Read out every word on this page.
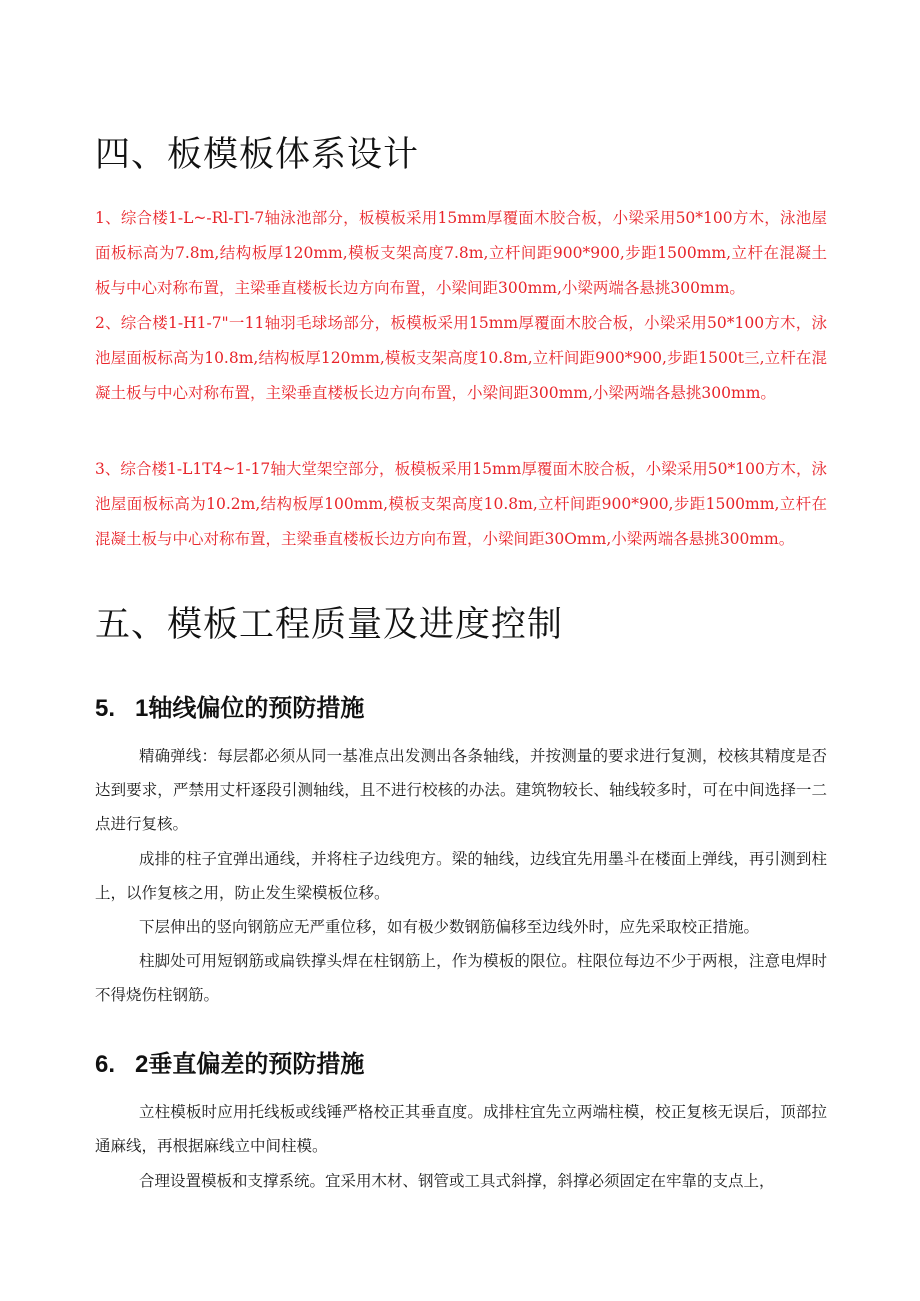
四、板模板体系设计

1、综合楼1-L~-Rl-Γl-7轴泳池部分，板模板采用15mm厚覆面木胶合板，小梁采用50*100方木，泳池屋面板标高为7.8m,结构板厚120mm,模板支架高度7.8m,立杆间距900*900,步距1500mm,立杆在混凝土板与中心对称布置，主梁垂直楼板长边方向布置，小梁间距300mm,小梁两端各悬挑300mm。

2、综合楼1-H1-7"一11轴羽毛球场部分，板模板采用15mm厚覆面木胶合板，小梁采用50*100方木，泳池屋面板标高为10.8m,结构板厚120mm,模板支架高度10.8m,立杆间距900*900,步距1500t三,立杆在混凝土板与中心对称布置，主梁垂直楼板长边方向布置，小梁间距300mm,小梁两端各悬挑300mm。

3、综合楼1-L1T4~1-17轴大堂架空部分，板模板采用15mm厚覆面木胶合板，小梁采用50*100方木，泳池屋面板标高为10.2m,结构板厚100mm,模板支架高度10.8m,立杆间距900*900,步距1500mm,立杆在混凝土板与中心对称布置，主梁垂直楼板长边方向布置，小梁间距30Omm,小梁两端各悬挑300mm。

五、模板工程质量及进度控制
5. 1轴线偏位的预防措施

精确弹线：每层都必须从同一基准点出发测出各条轴线，并按测量的要求进行复测，校核其精度是否达到要求，严禁用丈杆逐段引测轴线，且不进行校核的办法。建筑物较长、轴线较多时，可在中间选择一二点进行复核。

成排的柱子宜弹出通线，并将柱子边线兜方。梁的轴线，边线宜先用墨斗在楼面上弹线，再引测到柱上，以作复核之用，防止发生梁模板位移。

下层伸出的竖向钢筋应无严重位移，如有极少数钢筋偏移至边线外时，应先采取校正措施。

柱脚处可用短钢筋或扁铁撑头焊在柱钢筋上，作为模板的限位。柱限位每边不少于两根，注意电焊时不得烧伤柱钢筋。

6. 2垂直偏差的预防措施

立柱模板时应用托线板或线锤严格校正其垂直度。成排柱宜先立两端柱模，校正复核无误后，顶部拉通麻线，再根据麻线立中间柱模。

合理设置模板和支撑系统。宜采用木材、钢管或工具式斜撑，斜撑必须固定在牢靠的支点上，
